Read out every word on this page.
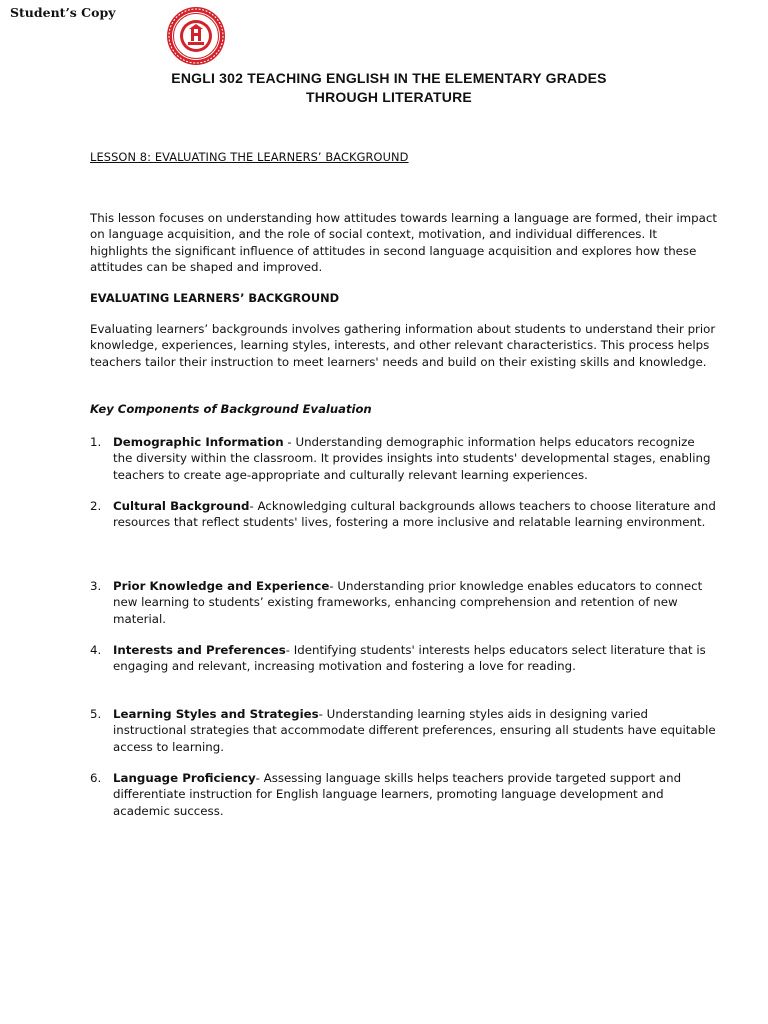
Student’s Copy
ENGLI 302 TEACHING ENGLISH IN THE ELEMENTARY GRADES
THROUGH LITERATURE
LESSON 8: EVALUATING THE LEARNERS’ BACKGROUND

This lesson focuses on understanding how attitudes towards learning a language are formed, their impact on language acquisition, and the role of social context, motivation, and individual differences. It highlights the significant influence of attitudes in second language acquisition and explores how these attitudes can be shaped and improved.

EVALUATING LEARNERS’ BACKGROUND

Evaluating learners’ backgrounds involves gathering information about students to understand their prior knowledge, experiences, learning styles, interests, and other relevant characteristics. This process helps teachers tailor their instruction to meet learners' needs and build on their existing skills and knowledge.

Key Components of Background Evaluation
1. Demographic Information - Understanding demographic information helps educators recognize the diversity within the classroom. It provides insights into students' developmental stages, enabling teachers to create age-appropriate and culturally relevant learning experiences.
2. Cultural Background- Acknowledging cultural backgrounds allows teachers to choose literature and resources that reflect students' lives, fostering a more inclusive and relatable learning environment.
3. Prior Knowledge and Experience- Understanding prior knowledge enables educators to connect new learning to students’ existing frameworks, enhancing comprehension and retention of new material.
4. Interests and Preferences- Identifying students' interests helps educators select literature that is engaging and relevant, increasing motivation and fostering a love for reading.
5. Learning Styles and Strategies- Understanding learning styles aids in designing varied instructional strategies that accommodate different preferences, ensuring all students have equitable access to learning.
6. Language Proficiency- Assessing language skills helps teachers provide targeted support and differentiate instruction for English language learners, promoting language development and academic success.
